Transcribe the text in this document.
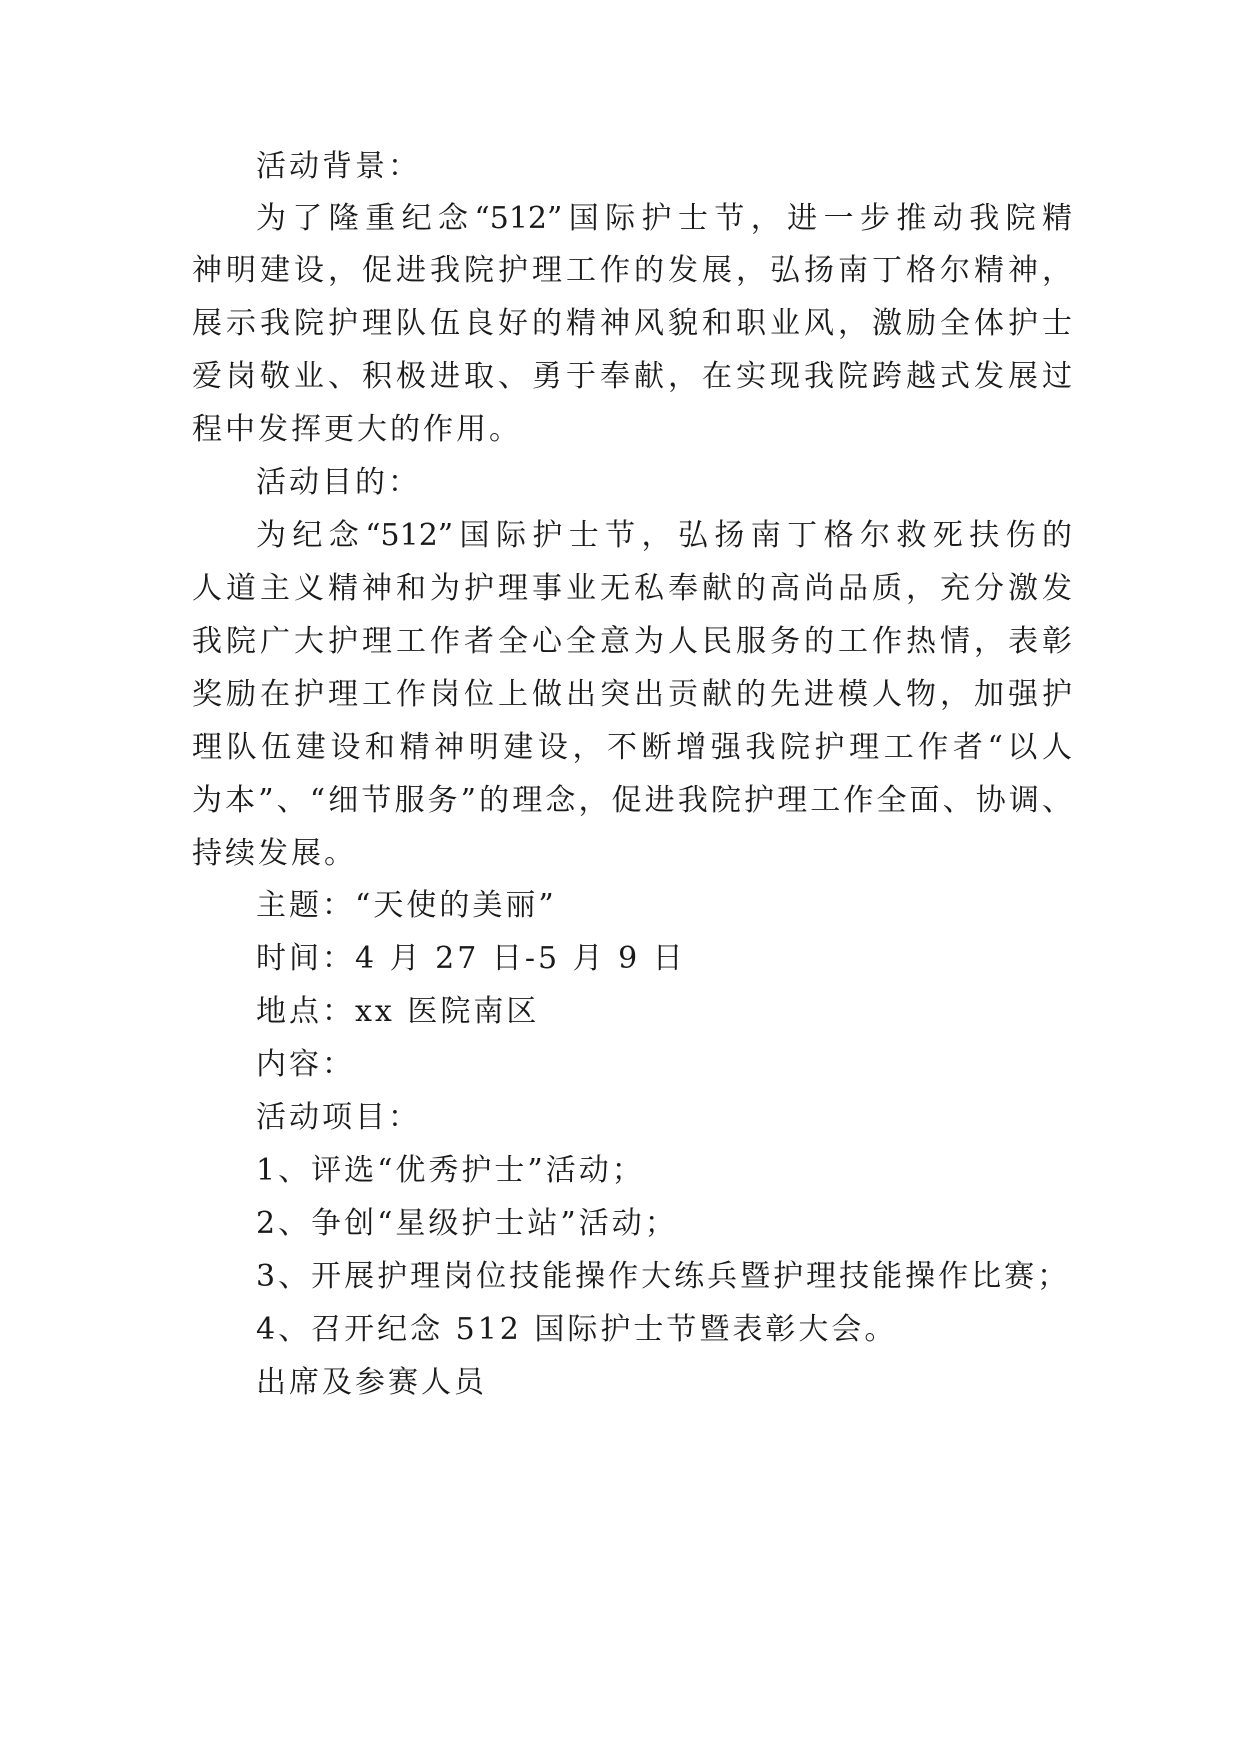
活动背景：
为了隆重纪念“512”国际护士节，进一步推动我院精
神明建设，促进我院护理工作的发展，弘扬南丁格尔精神，
展示我院护理队伍良好的精神风貌和职业风，激励全体护士
爱岗敬业、积极进取、勇于奉献，在实现我院跨越式发展过
程中发挥更大的作用。
活动目的：
为纪念“512”国际护士节，弘扬南丁格尔救死扶伤的
人道主义精神和为护理事业无私奉献的高尚品质，充分激发
我院广大护理工作者全心全意为人民服务的工作热情，表彰
奖励在护理工作岗位上做出突出贡献的先进模人物，加强护
理队伍建设和精神明建设，不断增强我院护理工作者“以人
为本”、“细节服务”的理念，促进我院护理工作全面、协调、
持续发展。
主题：“天使的美丽”
时间：4 月 27 日-5 月 9 日
地点：xx 医院南区
内容：
活动项目：
1、评选“优秀护士”活动；
2、争创“星级护士站”活动；
3、开展护理岗位技能操作大练兵暨护理技能操作比赛；
4、召开纪念 512 国际护士节暨表彰大会。
出席及参赛人员
